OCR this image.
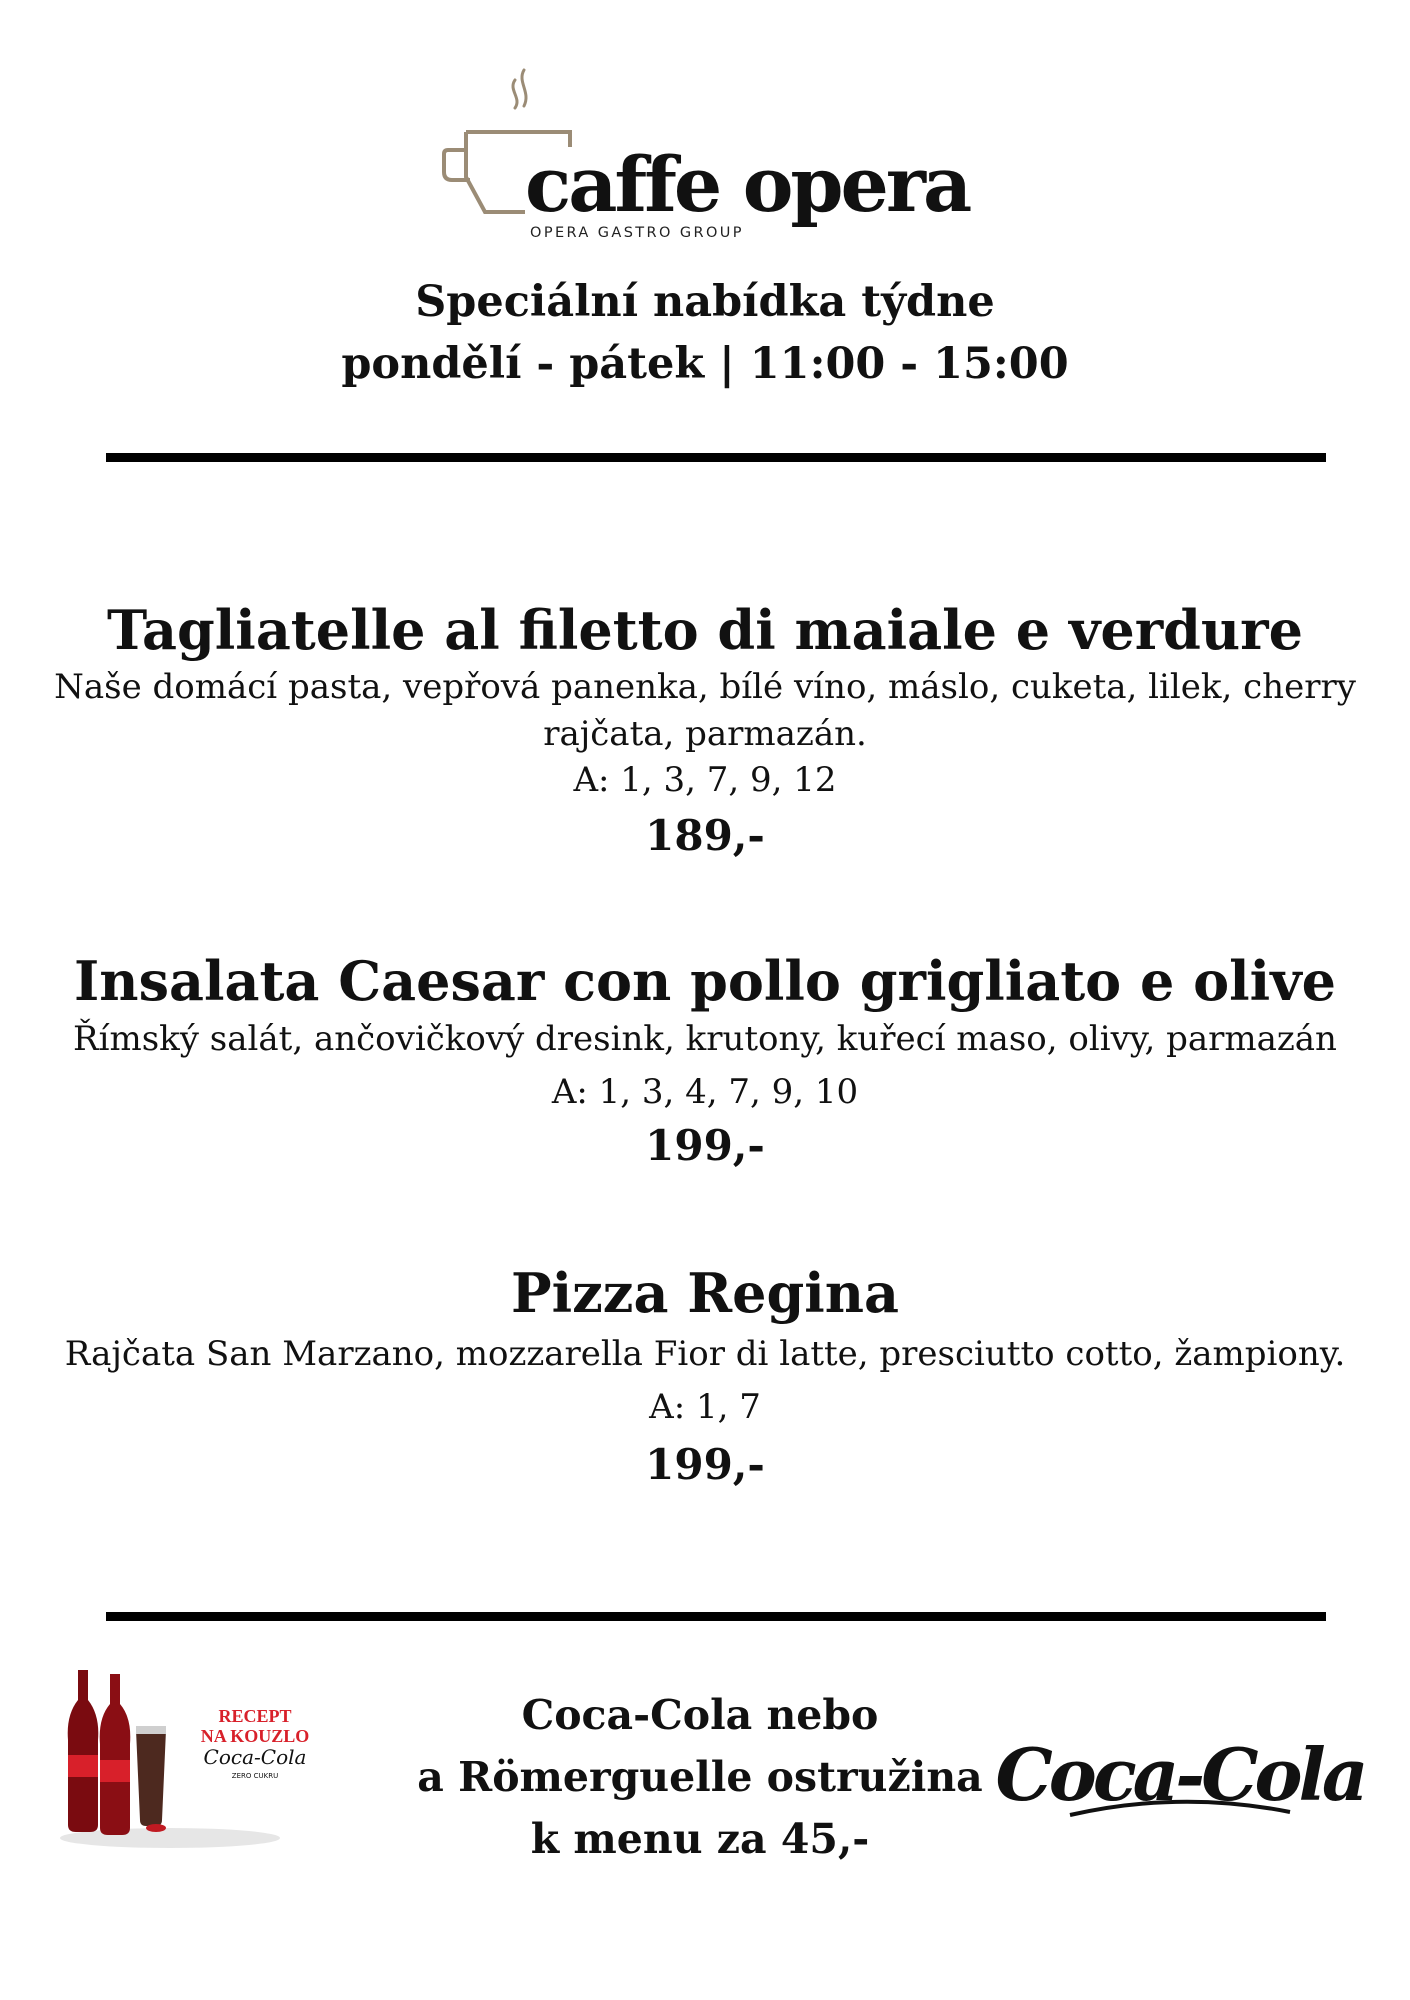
caffe opera
OPERA GASTRO GROUP
Speciální nabídka týdne
pondělí - pátek | 11:00 - 15:00
Tagliatelle al filetto di maiale e verdure
Naše domácí pasta, vepřová panenka, bílé víno, máslo, cuketa, lilek, cherry
rajčata, parmazán.
A: 1, 3, 7, 9, 12
189,-
Insalata Caesar con pollo grigliato e olive
Římský salát, ančovičkový dresink, krutony, kuřecí maso, olivy, parmazán
A: 1, 3, 4, 7, 9, 10
199,-
Pizza Regina
Rajčata San Marzano, mozzarella Fior di latte, presciutto cotto, žampiony.
A: 1, 7
199,-
RECEPT
NA KOUZLO
Coca-Cola
ZERO CUKRU
Coca-Cola nebo
a Römerguelle ostružina
k menu za 45,-
Coca-Cola
